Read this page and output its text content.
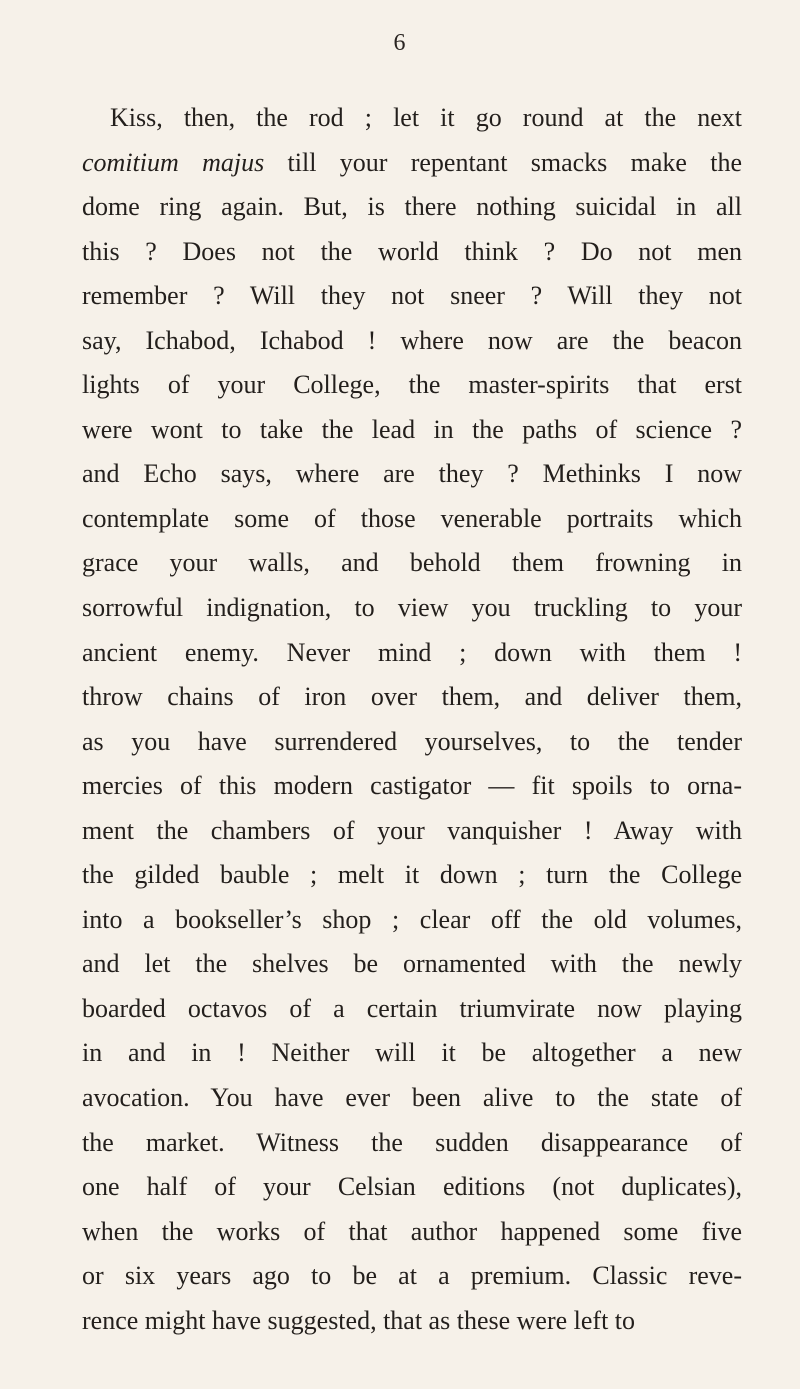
6
Kiss, then, the rod ; let it go round at the next
comitium majus till your repentant smacks make the
dome ring again. But, is there nothing suicidal in all
this ? Does not the world think ? Do not men
remember ? Will they not sneer ? Will they not
say, Ichabod, Ichabod ! where now are the beacon
lights of your College, the master-spirits that erst
were wont to take the lead in the paths of science ?
and Echo says, where are they ? Methinks I now
contemplate some of those venerable portraits which
grace your walls, and behold them frowning in
sorrowful indignation, to view you truckling to your
ancient enemy. Never mind ; down with them !
throw chains of iron over them, and deliver them,
as you have surrendered yourselves, to the tender
mercies of this modern castigator — fit spoils to orna-
ment the chambers of your vanquisher ! Away with
the gilded bauble ; melt it down ; turn the College
into a bookseller’s shop ; clear off the old volumes,
and let the shelves be ornamented with the newly
boarded octavos of a certain triumvirate now playing
in and in ! Neither will it be altogether a new
avocation. You have ever been alive to the state of
the market. Witness the sudden disappearance of
one half of your Celsian editions (not duplicates),
when the works of that author happened some five
or six years ago to be at a premium. Classic reve-
rence might have suggested, that as these were left to
